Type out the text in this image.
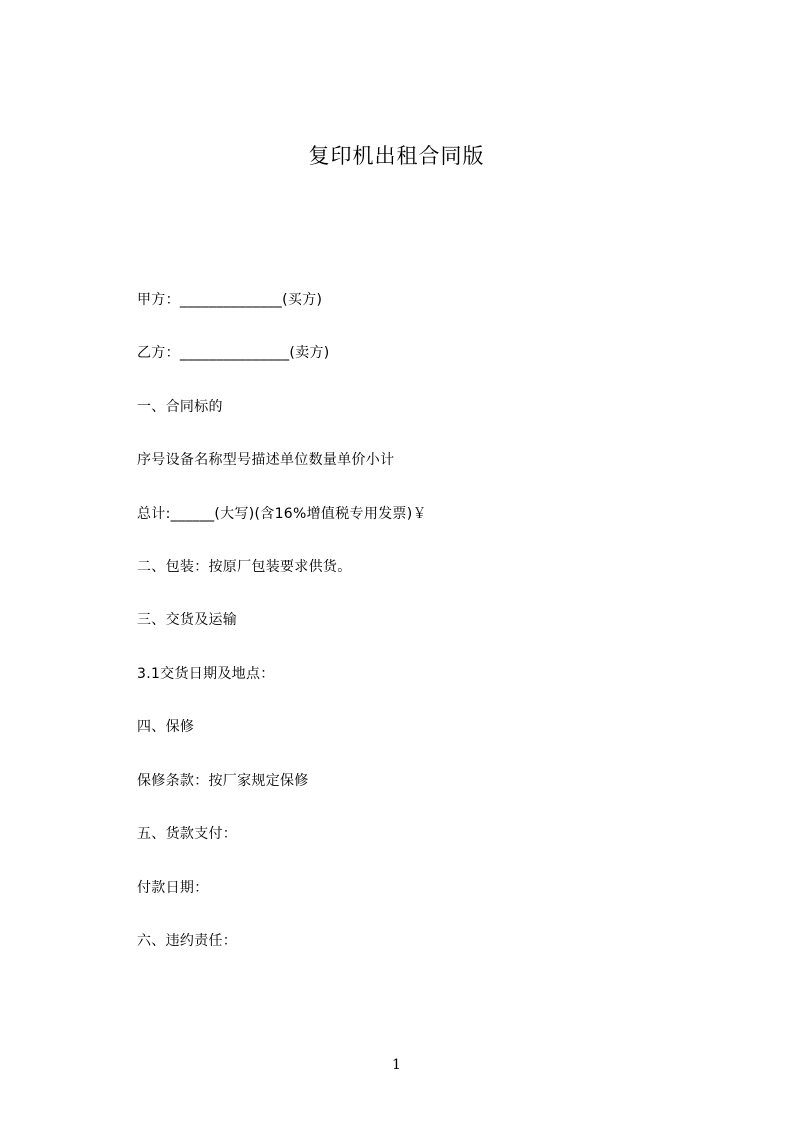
复印机出租合同版
甲方：______________(买方)
乙方：_______________(卖方)
一、合同标的
序号设备名称型号描述单位数量单价小计
总计:______(大写)(含16%增值税专用发票)￥
二、包装：按原厂包装要求供货。
三、交货及运输
3.1交货日期及地点：
四、保修
保修条款：按厂家规定保修
五、货款支付：
付款日期：
六、违约责任：
1
